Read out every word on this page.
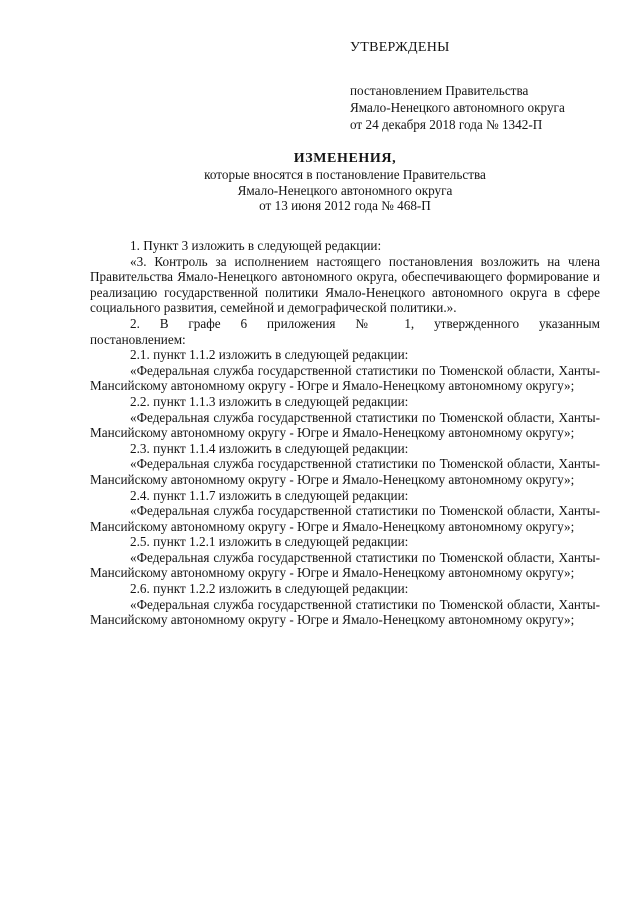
УТВЕРЖДЕНЫ
постановлением Правительства
Ямало-Ненецкого автономного округа
от 24 декабря 2018 года № 1342-П
ИЗМЕНЕНИЯ,
которые вносятся в постановление Правительства
Ямало-Ненецкого автономного округа
от 13 июня 2012 года № 468-П

1. Пункт 3 изложить в следующей редакции:

«3. Контроль за исполнением настоящего постановления возложить на члена Правительства Ямало-Ненецкого автономного округа, обеспечивающего формирование и реализацию государственной политики Ямало-Ненецкого автономного округа в сфере социального развития, семейной и демографической политики.».

2. В графе 6 приложения № 1, утвержденного указанным

постановлением:

2.1. пункт 1.1.2 изложить в следующей редакции:

«Федеральная служба государственной статистики по Тюменской области, Ханты-Мансийскому автономному округу - Югре и Ямало-Ненецкому автономному округу»;

2.2. пункт 1.1.3 изложить в следующей редакции:

«Федеральная служба государственной статистики по Тюменской области, Ханты-Мансийскому автономному округу - Югре и Ямало-Ненецкому автономному округу»;

2.3. пункт 1.1.4 изложить в следующей редакции:

«Федеральная служба государственной статистики по Тюменской области, Ханты-Мансийскому автономному округу - Югре и Ямало-Ненецкому автономному округу»;

2.4. пункт 1.1.7 изложить в следующей редакции:

«Федеральная служба государственной статистики по Тюменской области, Ханты-Мансийскому автономному округу - Югре и Ямало-Ненецкому автономному округу»;

2.5. пункт 1.2.1 изложить в следующей редакции:

«Федеральная служба государственной статистики по Тюменской области, Ханты-Мансийскому автономному округу - Югре и Ямало-Ненецкому автономному округу»;

2.6. пункт 1.2.2 изложить в следующей редакции:

«Федеральная служба государственной статистики по Тюменской области, Ханты-Мансийскому автономному округу - Югре и Ямало-Ненецкому автономному округу»;
